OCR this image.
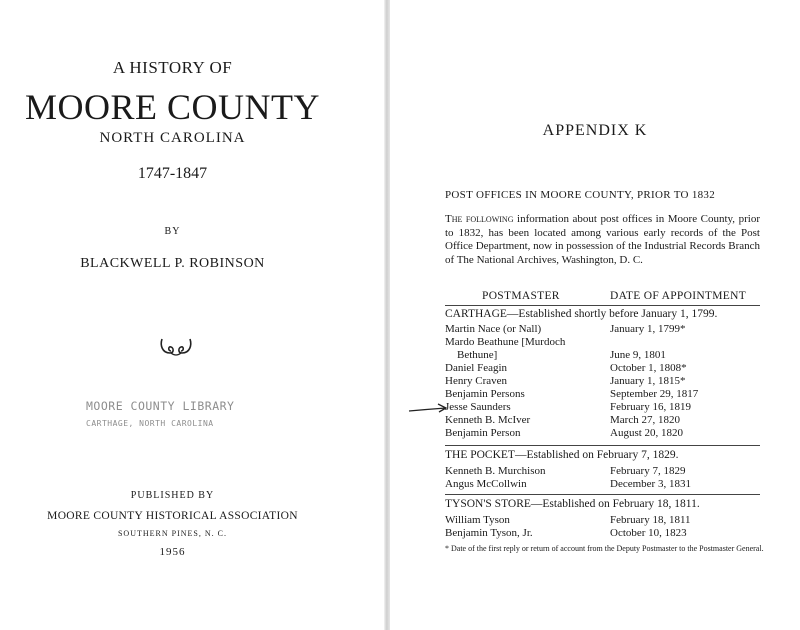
A HISTORY OF
MOORE COUNTY
NORTH CAROLINA
1747-1847
BY
BLACKWELL P. ROBINSON
MOORE COUNTY LIBRARY
CARTHAGE, NORTH CAROLINA
PUBLISHED BY
MOORE COUNTY HISTORICAL ASSOCIATION
SOUTHERN PINES, N. C.
1956
APPENDIX K
POST OFFICES IN MOORE COUNTY, PRIOR TO 1832
The following information about post offices in Moore County, prior to 1832, has been located among various early records of the Post Office Department, now in possession of the Industrial Records Branch of The National Archives, Washington, D. C.
POSTMASTER	DATE OF APPOINTMENT
CARTHAGE—Established shortly before January 1, 1799.
Martin Nace (or Nall)	January 1, 1799*
Mardo Beathune [Murdoch
Bethune]	June 9, 1801
Daniel Feagin	October 1, 1808*
Henry Craven	January 1, 1815*
Benjamin Persons	September 29, 1817
Jesse Saunders	February 16, 1819
Kenneth B. McIver	March 27, 1820
Benjamin Person	August 20, 1820
THE POCKET—Established on February 7, 1829.
Kenneth B. Murchison	February 7, 1829
Angus McCollwin	December 3, 1831
TYSON'S STORE—Established on February 18, 1811.
William Tyson	February 18, 1811
Benjamin Tyson, Jr.	October 10, 1823
* Date of the first reply or return of account from the Deputy Postmaster to the Postmaster General.
